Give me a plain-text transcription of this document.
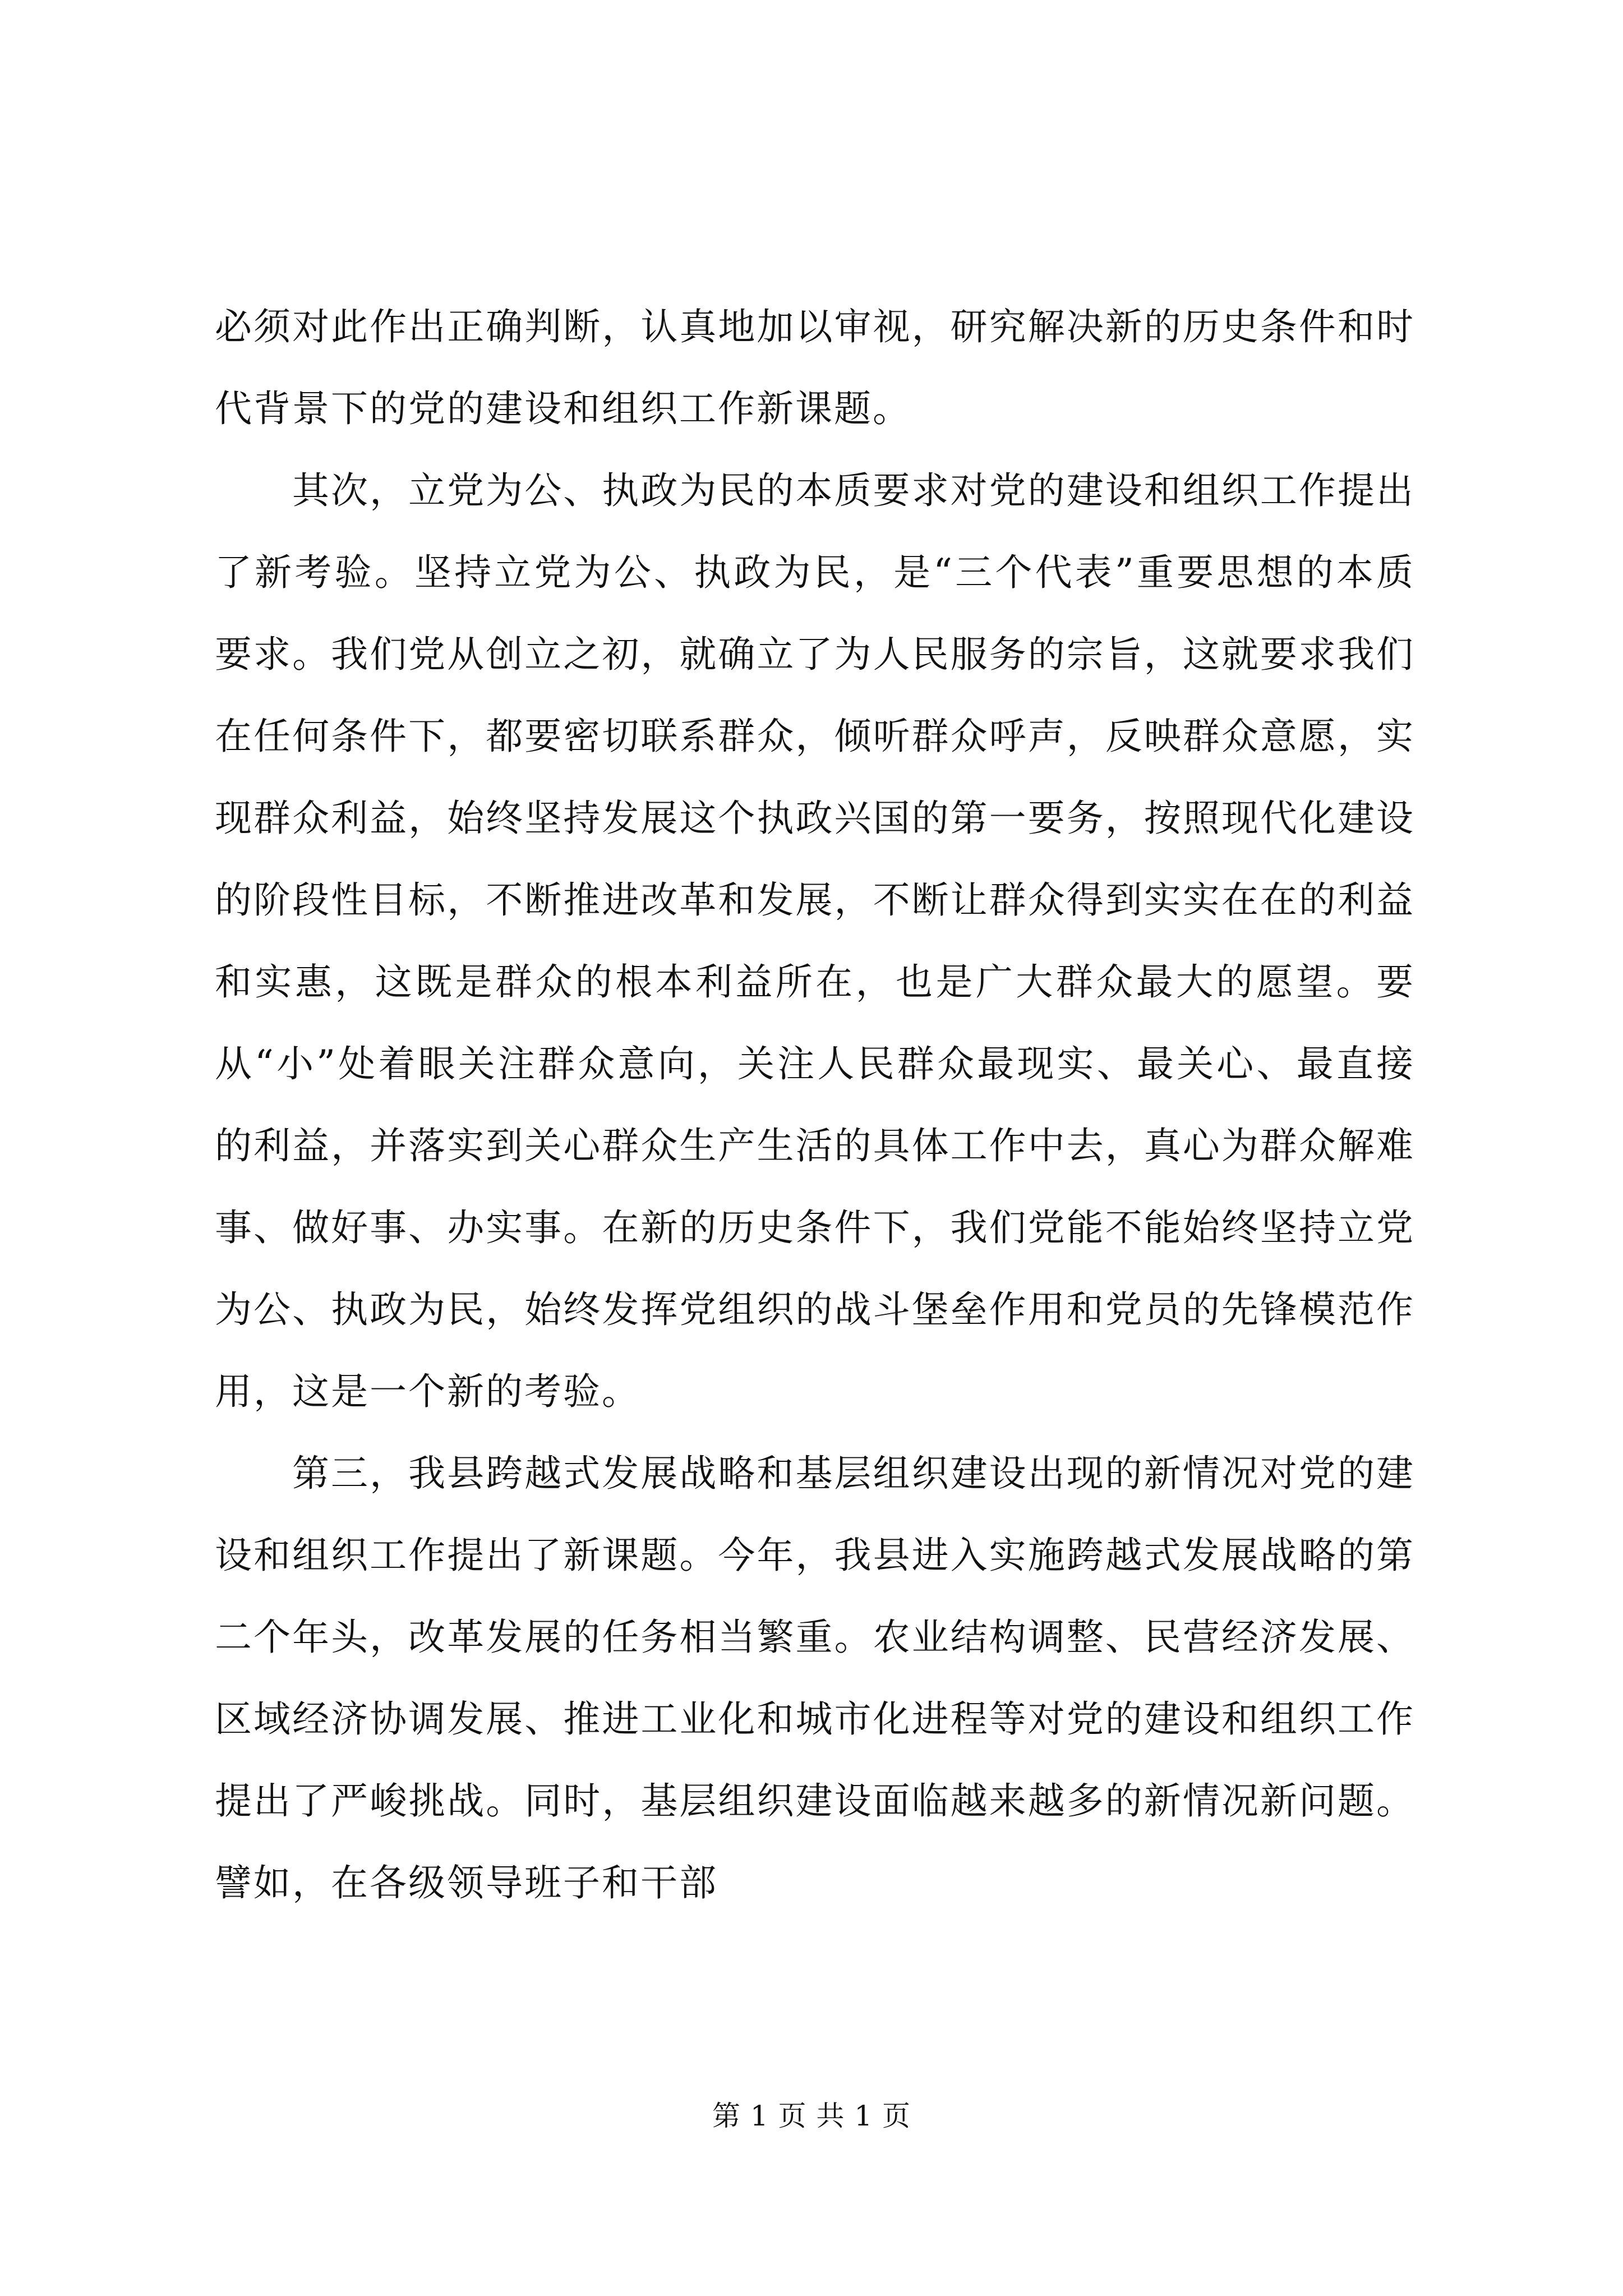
必须对此作出正确判断，认真地加以审视，研究解决新的历史条件和时代背景下的党的建设和组织工作新课题。

其次，立党为公、执政为民的本质要求对党的建设和组织工作提出了新考验。坚持立党为公、执政为民，是“三个代表”重要思想的本质要求。我们党从创立之初，就确立了为人民服务的宗旨，这就要求我们在任何条件下，都要密切联系群众，倾听群众呼声，反映群众意愿，实现群众利益，始终坚持发展这个执政兴国的第一要务，按照现代化建设的阶段性目标，不断推进改革和发展，不断让群众得到实实在在的利益和实惠，这既是群众的根本利益所在，也是广大群众最大的愿望。要从“小”处着眼关注群众意向，关注人民群众最现实、最关心、最直接的利益，并落实到关心群众生产生活的具体工作中去，真心为群众解难事、做好事、办实事。在新的历史条件下，我们党能不能始终坚持立党为公、执政为民，始终发挥党组织的战斗堡垒作用和党员的先锋模范作用，这是一个新的考验。

第三，我县跨越式发展战略和基层组织建设出现的新情况对党的建设和组织工作提出了新课题。今年，我县进入实施跨越式发展战略的第二个年头，改革发展的任务相当繁重。农业结构调整、民营经济发展、区域经济协调发展、推进工业化和城市化进程等对党的建设和组织工作提出了严峻挑战。同时，基层组织建设面临越来越多的新情况新问题。譬如，在各级领导班子和干部

第 1 页 共 1 页
